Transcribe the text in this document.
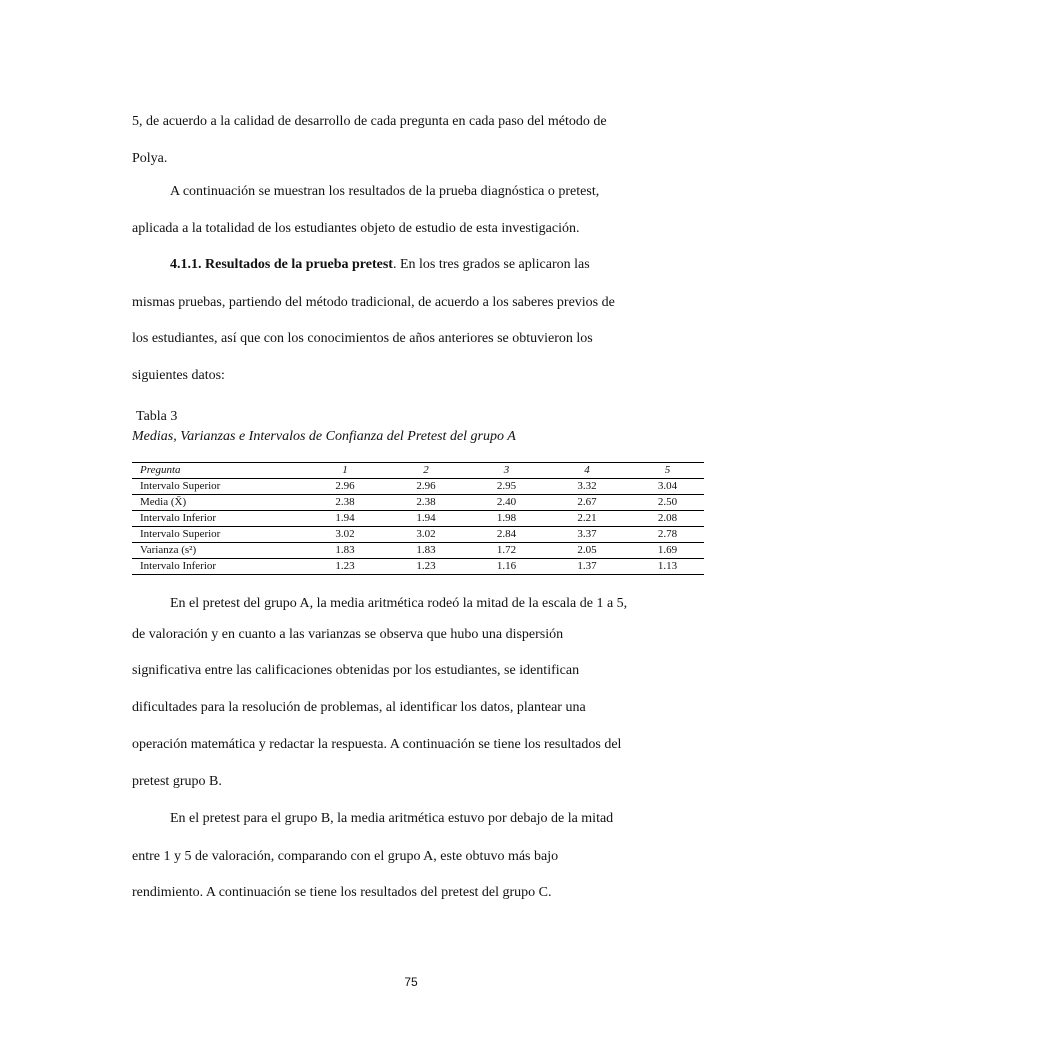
5, de acuerdo a la calidad de desarrollo de cada pregunta en cada paso del método de

Polya.

A continuación se muestran los resultados de la prueba diagnóstica o pretest,

aplicada a la totalidad de los estudiantes objeto de estudio de esta investigación.

4.1.1. Resultados de la prueba pretest. En los tres grados se aplicaron las

mismas pruebas, partiendo del método tradicional, de acuerdo a los saberes previos de

los estudiantes, así que con los conocimientos de años anteriores se obtuvieron los

siguientes datos:

Tabla 3
Medias, Varianzas e Intervalos de Confianza del Pretest del grupo A
Pregunta	1	2	3	4	5
Intervalo Superior	2.96	2.96	2.95	3.32	3.04
Media (X̄)	2.38	2.38	2.40	2.67	2.50
Intervalo Inferior	1.94	1.94	1.98	2.21	2.08
Intervalo Superior	3.02	3.02	2.84	3.37	2.78
Varianza (s²)	1.83	1.83	1.72	2.05	1.69
Intervalo Inferior	1.23	1.23	1.16	1.37	1.13

En el pretest del grupo A, la media aritmética rodeó la mitad de la escala de 1 a 5,

de valoración y en cuanto a las varianzas se observa que hubo una dispersión

significativa entre las calificaciones obtenidas por los estudiantes, se identifican

dificultades para la resolución de problemas, al identificar los datos, plantear una

operación matemática y redactar la respuesta. A continuación se tiene los resultados del

pretest grupo B.

En el pretest para el grupo B, la media aritmética estuvo por debajo de la mitad

entre 1 y 5 de valoración, comparando con el grupo A, este obtuvo más bajo

rendimiento. A continuación se tiene los resultados del pretest del grupo C.

75
